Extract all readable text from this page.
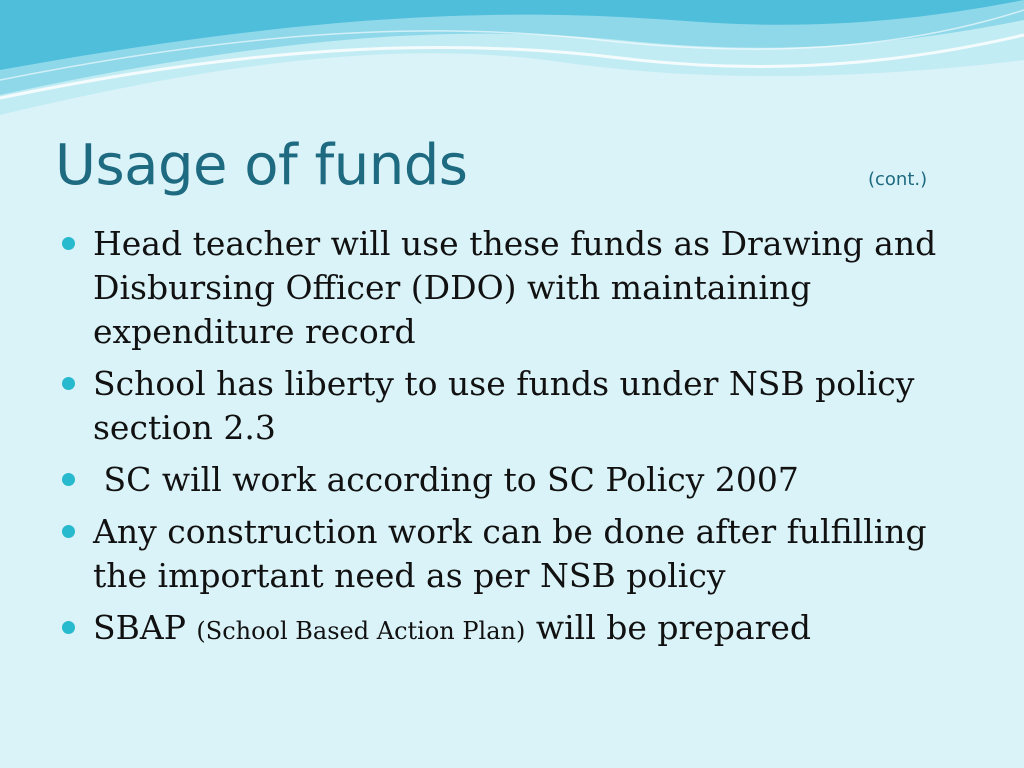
Usage of funds	(cont.)
Head teacher will use these funds as Drawing and Disbursing Officer (DDO) with maintaining expenditure record
School has liberty to use funds under NSB policy section 2.3
SC will work according to SC Policy 2007
Any construction work can be done after fulfilling the important need as per NSB policy
SBAP (School Based Action Plan) will be prepared
